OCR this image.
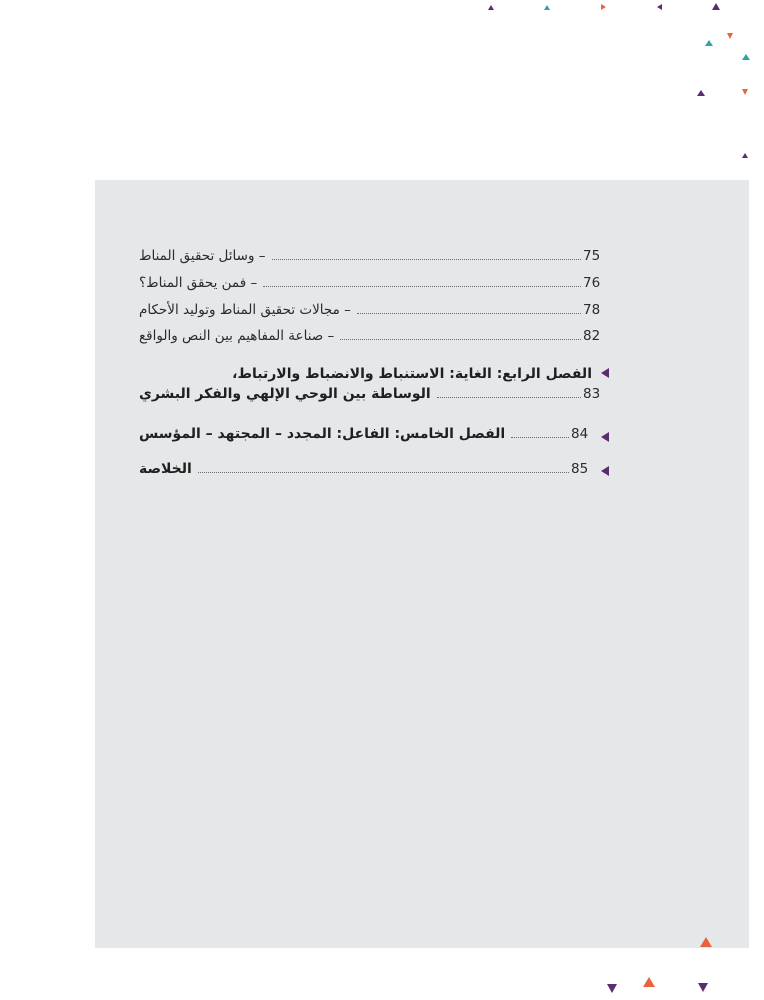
– وسائل تحقيق المناط	75
– فمن يحقق المناط؟	76
– مجالات تحقيق المناط وتوليد الأحكام	78
– صناعة المفاهيم بين النص والواقع	82
الفصل الرابع: الغاية: الاستنباط والانضباط والارتباط،
الوساطة بين الوحي الإلهي والفكر البشري	83
الفصل الخامس: الفاعل: المجدد – المجتهد – المؤسس	84
الخلاصة	85
